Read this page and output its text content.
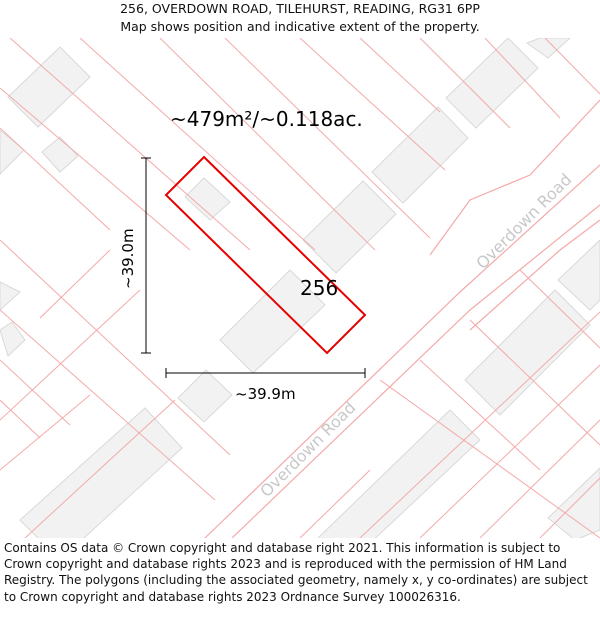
256, OVERDOWN ROAD, TILEHURST, READING, RG31 6PP
Map shows position and indicative extent of the property.
~479m²/~0.118ac.
256
~39.0m
~39.9m
Overdown Road
Overdown Road
Contains OS data © Crown copyright and database right 2021. This information is subject to Crown copyright and database rights 2023 and is reproduced with the permission of HM Land Registry. The polygons (including the associated geometry, namely x, y co-ordinates) are subject to Crown copyright and database rights 2023 Ordnance Survey 100026316.
